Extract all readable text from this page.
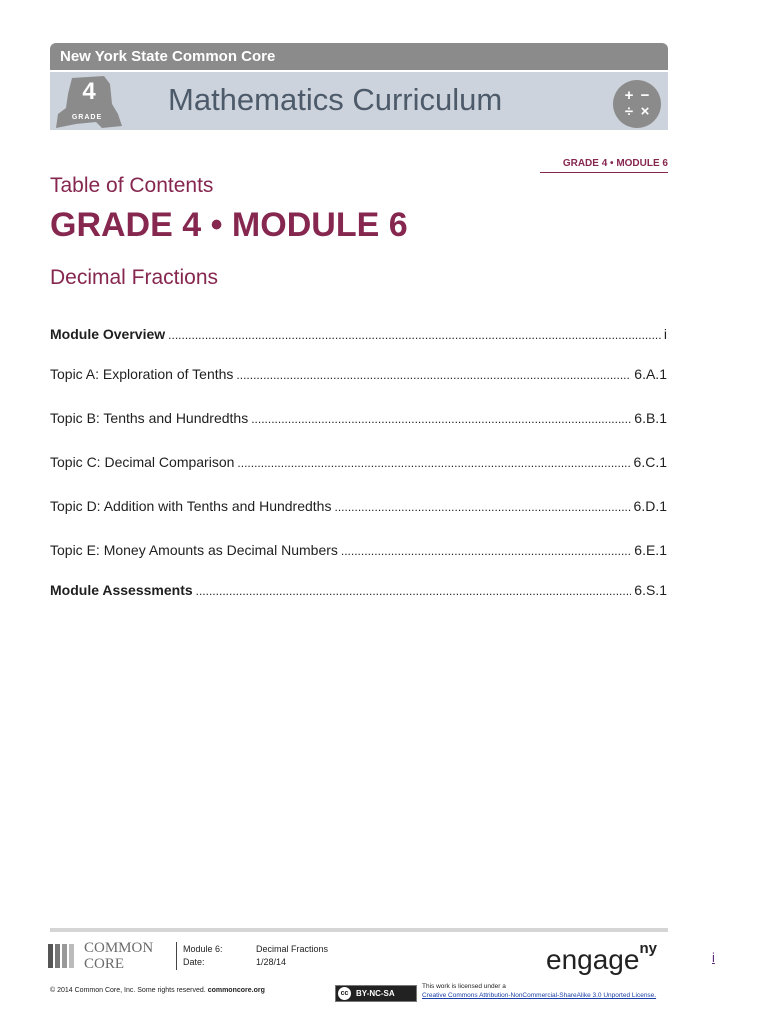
New York State Common Core
4
GRADE
Mathematics Curriculum	+ −
÷ ×
GRADE 4 • MODULE 6
Table of Contents
GRADE 4 • MODULE 6
Decimal Fractions
Module Overview .....	i
Topic A: Exploration of Tenths .....	6.A.1
Topic B: Tenths and Hundredths .....	6.B.1
Topic C: Decimal Comparison .....	6.C.1
Topic D: Addition with Tenths and Hundredths .....	6.D.1
Topic E: Money Amounts as Decimal Numbers .....	6.E.1
Module Assessments .....	6.S.1
COMMON
CORE
Module 6:	Decimal Fractions
Date:	1/28/14	engage$^{ny}$
i
© 2014 Common Core, Inc. Some rights reserved. commoncore.org	cc BY-NC-SA
This work is licensed under a
Creative Commons Attribution-NonCommercial-ShareAlike 3.0 Unported License.
